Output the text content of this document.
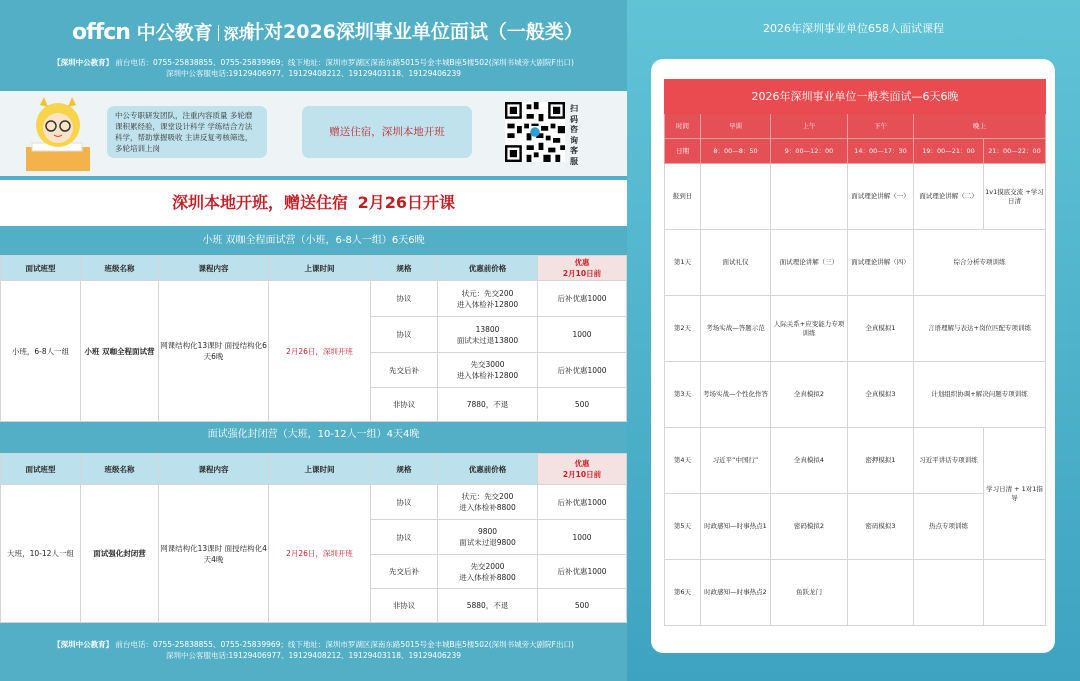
offcn 中公教育 深圳
针对2026深圳事业单位面试（一般类）
【深圳中公教育】 前台电话：0755-25838855、0755-25839969；线下地址：深圳市罗湖区深南东路5015号金丰城B座5楼502(深圳书城旁大剧院F出口)
深圳中公客服电话:19129406977、19129408212、19129403118、19129406239
中公专职研发团队，注重内容质量 多轮磨课积累经验，课堂设计科学 学练结合方法科学，帮助掌握吸收 主讲反复考核筛选，多轮培训上岗
赠送住宿，深圳本地开班
扫码咨询客服
深圳本地开班，赠送住宿 2月26日开课
小班 双咖全程面试营（小班，6-8人一组）6天6晚
面试班型	班级名称	课程内容	上课时间	规格	优惠前价格	优惠
2月10日前

小班，6-8人一组	小班 双咖全程面试营	网课结构化13课时 面授结构化6天6晚	2月26日，深圳开班	协议	状元：先交200
进入体检补12800	后补优惠1000
				协议	13800
面试未过退13800	1000
				先交后补	先交3000
进入体检补12800	后补优惠1000
				非协议	7880，不退	500
面试强化封闭营（大班，10-12人一组）4天4晚
面试班型	班级名称	课程内容	上课时间	规格	优惠前价格	优惠
2月10日前

大班，10-12人一组	面试强化封闭营	网课结构化13课时 面授结构化4天4晚	2月26日，深圳开班	协议	状元：先交200
进入体检补8800	后补优惠1000
				协议	9800
面试未过退9800	1000
				先交后补	先交2000
进入体检补8800	后补优惠1000
				非协议	5880，不退	500
【深圳中公教育】 前台电话：0755-25838855、0755-25839969；线下地址：深圳市罗湖区深南东路5015号金丰城B座5楼502(深圳书城旁大剧院F出口)
深圳中公客服电话:19129406977、19129408212、19129403118、19129406239
2026年深圳事业单位658人面试课程
2026年深圳事业单位一般类面试—6天6晚					
时间	早训	上午	下午	晚上	
日期	8：00—8：50	9：00—12：00	14：00—17：30	19：00—21：00	21：00—22：00
报到日			面试理论讲解（一）	面试理论讲解（二）	1v1摸底交流 +学习日清
第1天	面试礼仪	面试理论讲解（三）	面试理论讲解（四）	综合分析专项训练	
第2天	考场实战—答题示范	人际关系+应变能力专项训练	全真模拟1	言语理解与表达+岗位匹配专项训练	
第3天	考场实战—个性化作答	全真模拟2	全真模拟3	计划组织协调+解决问题专项训练	
第4天	习近平“中国行”	全真模拟4	密押模拟1	习近平讲话专项训练	学习日清 + 1对1指导
第5天	时政感知—时事热点1	密码模拟2	密码模拟3	热点专项训练	
第6天	时政感知—时事热点2	鱼跃龙门			
